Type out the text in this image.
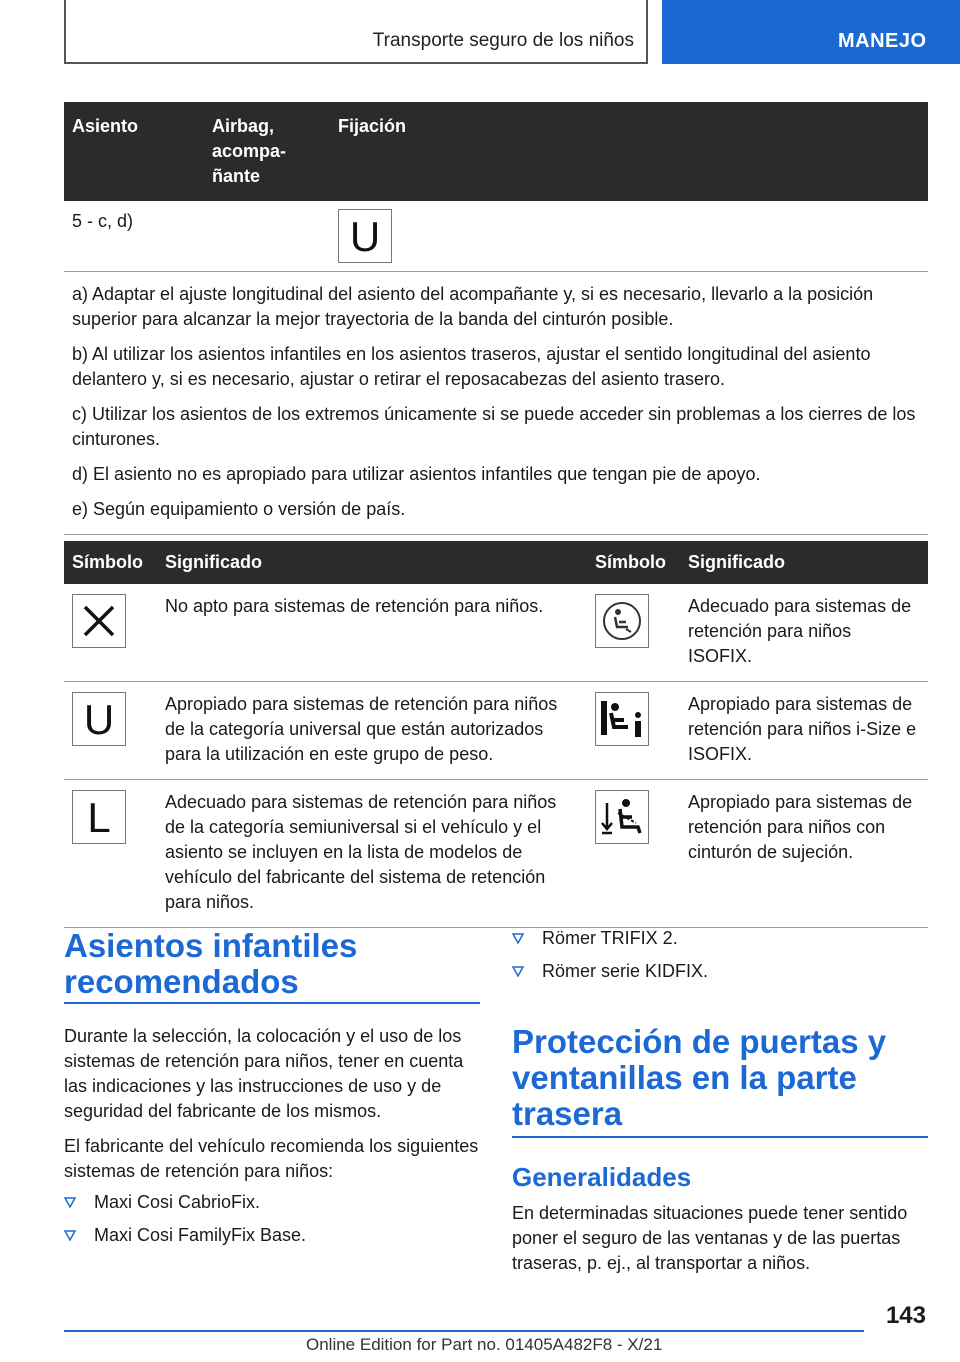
Transporte seguro de los niños	MANEJO
Asiento	Airbag, acompañante	Fijación
5 - c, d)		U

a) Adaptar el ajuste longitudinal del asiento del acompañante y, si es necesario, llevarlo a la posición superior para alcanzar la mejor trayectoria de la banda del cinturón posible.

b) Al utilizar los asientos infantiles en los asientos traseros, ajustar el sentido longitudinal del asiento delantero y, si es necesario, ajustar o retirar el reposacabezas del asiento trasero.

c) Utilizar los asientos de los extremos únicamente si se puede acceder sin problemas a los cierres de los cinturones.

d) El asiento no es apropiado para utilizar asientos infantiles que tengan pie de apoyo.

e) Según equipamiento o versión de país.		

Símbolo	Significado	Símbolo	Significado

	No apto para sistemas de retención para niños.		Adecuado para sistemas de retención para niños ISOFIX.

U	Apropiado para sistemas de retención para niños de la categoría universal que están autorizados para la utilización en este grupo de peso.		Apropiado para sistemas de retención para niños i-Size e ISOFIX.

L	Adecuado para sistemas de retención para niños de la categoría semiuniversal si el vehículo y el asiento se incluyen en la lista de modelos de vehículo del fabricante del sistema de retención para niños.		Apropiado para sistemas de retención para niños con cinturón de sujeción.
Asientos infantiles recomendados

Durante la selección, la colocación y el uso de los sistemas de retención para niños, tener en cuenta las indicaciones y las instrucciones de uso y de seguridad del fabricante de los mismos.

El fabricante del vehículo recomienda los siguientes sistemas de retención para niños:

Maxi Cosi CabrioFix.
Maxi Cosi FamilyFix Base.
Römer TRIFIX 2.
Römer serie KIDFIX.
Protección de puertas y ventanillas en la parte trasera
Generalidades

En determinadas situaciones puede tener sentido poner el seguro de las ventanas y de las puertas traseras, p. ej., al transportar a niños.

143
Online Edition for Part no. 01405A482F8 - X/21
